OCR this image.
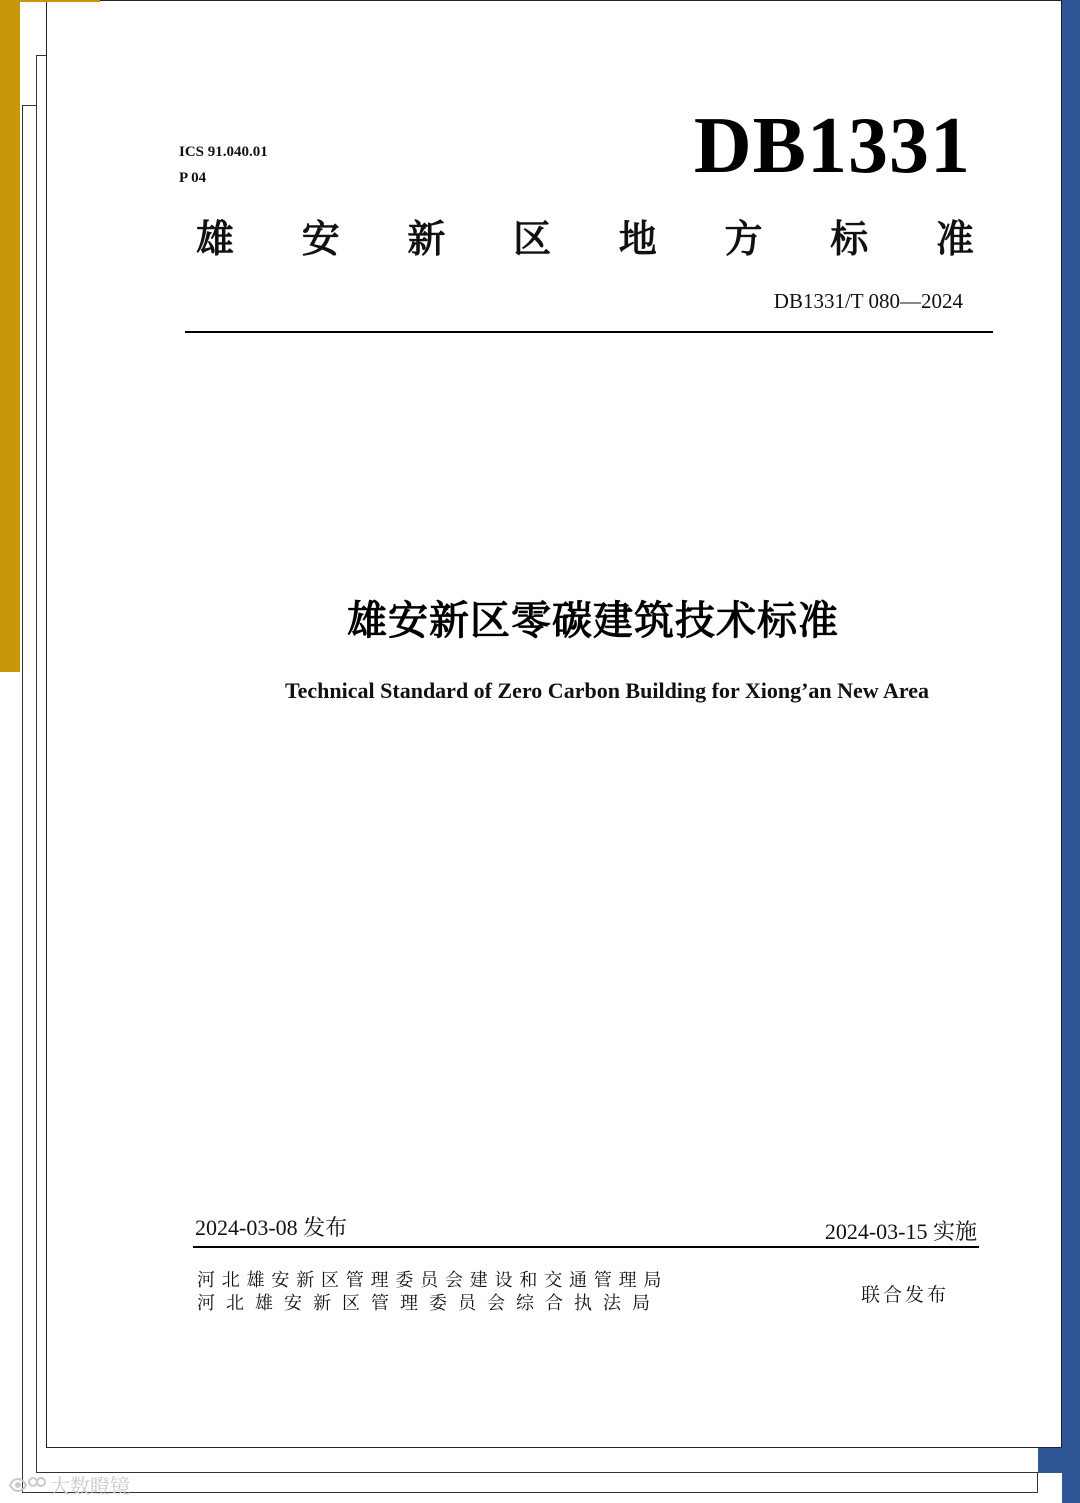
ICS 91.040.01
P 04	DB1331
雄 安 新 区 地 方 标 准
DB1331/T 080—2024
雄安新区零碳建筑技术标准
Technical Standard of Zero Carbon Building for Xiong’an New Area
2024-03-08 发布	2024-03-15 实施
河北雄安新区管理委员会建设和交通管理局
河北雄安新区管理委员会综合执法局	联合发布
大数瞪镜
